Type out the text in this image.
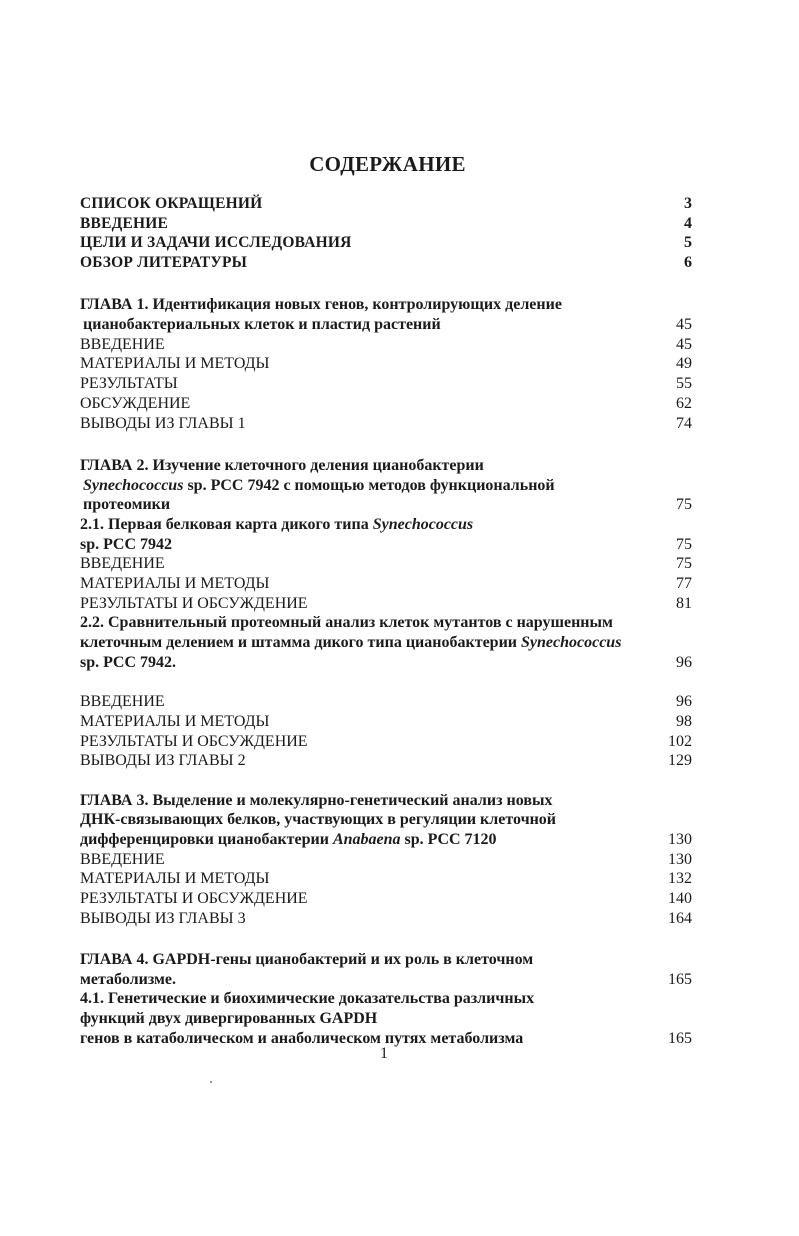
СОДЕРЖАНИЕ
СПИСОК ОКРАЩЕНИЙ	3
ВВЕДЕНИЕ	4
ЦЕЛИ И ЗАДАЧИ ИССЛЕДОВАНИЯ	5
ОБЗОР ЛИТЕРАТУРЫ	6
ГЛАВА 1. Идентификация новых генов, контролирующих деление
цианобактериальных клеток и пластид растений	45
ВВЕДЕНИЕ	45
МАТЕРИАЛЫ И МЕТОДЫ	49
РЕЗУЛЬТАТЫ	55
ОБСУЖДЕНИЕ	62
ВЫВОДЫ ИЗ ГЛАВЫ 1	74
ГЛАВА 2. Изучение клеточного деления цианобактерии
Synechococcus sp. PCC 7942 с помощью методов функциональной
протеомики	75
2.1. Первая белковая карта дикого типа Synechococcus
sp. PCC 7942	75
ВВЕДЕНИЕ	75
МАТЕРИАЛЫ И МЕТОДЫ	77
РЕЗУЛЬТАТЫ И ОБСУЖДЕНИЕ	81
2.2. Сравнительный протеомный анализ клеток мутантов с нарушенным
клеточным делением и штамма дикого типа цианобактерии Synechococcus
sp. PCC 7942.	96
ВВЕДЕНИЕ	96
МАТЕРИАЛЫ И МЕТОДЫ	98
РЕЗУЛЬТАТЫ И ОБСУЖДЕНИЕ	102
ВЫВОДЫ ИЗ ГЛАВЫ 2	129
ГЛАВА 3. Выделение и молекулярно-генетический анализ новых
ДНК-связывающих белков, участвующих в регуляции клеточной
дифференцировки цианобактерии Anabaena sp. PCC 7120	130
ВВЕДЕНИЕ	130
МАТЕРИАЛЫ И МЕТОДЫ	132
РЕЗУЛЬТАТЫ И ОБСУЖДЕНИЕ	140
ВЫВОДЫ ИЗ ГЛАВЫ 3	164
ГЛАВА 4. GAPDH-гены цианобактерий и их роль в клеточном
метаболизме.	165
4.1. Генетические и биохимические доказательства различных
функций двух дивергированных GAPDH
генов в катаболическом и анаболическом путях метаболизма	165
1
